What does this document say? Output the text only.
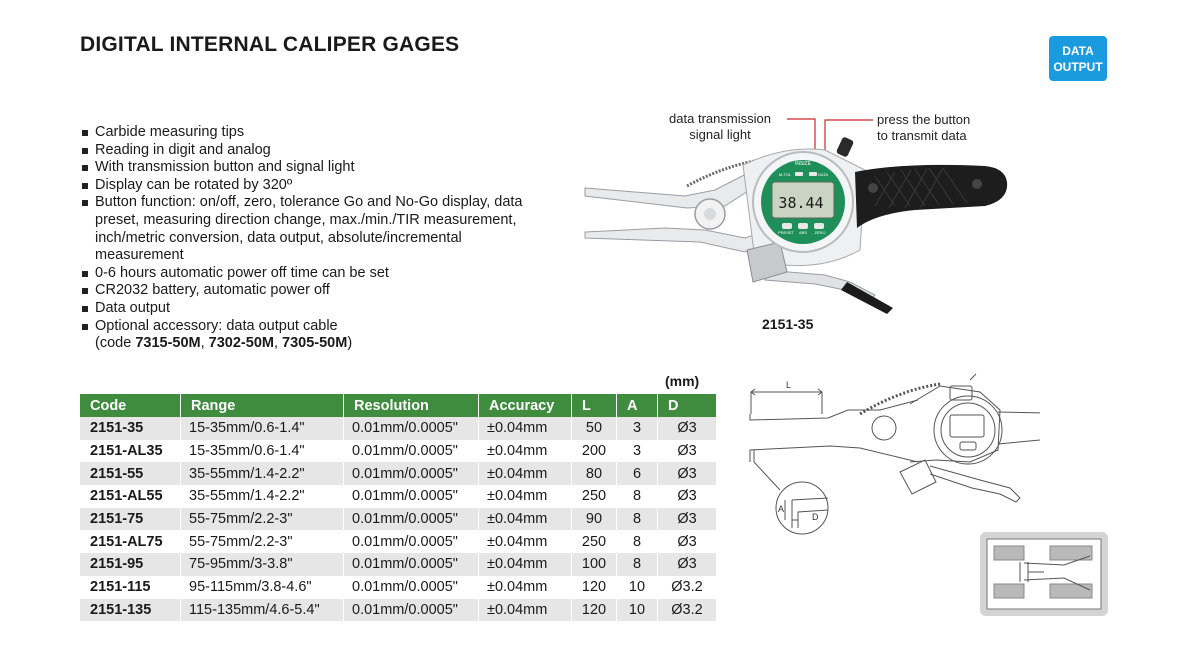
DIGITAL INTERNAL CALIPER GAGES	DATA
OUTPUT
Carbide measuring tips
Reading in digit and analog
With transmission button and signal light
Display can be rotated by 320º
Button function: on/off, zero, tolerance Go and No-Go display, data preset, measuring direction change, max./min./TIR measurement, inch/metric conversion, data output, absolute/incremental measurement
0-6 hours automatic power off time can be set
CR2032 battery, automatic power off
Data output
Optional accessory: data output cable
(code 7315-50M, 7302-50M, 7305-50M)
data transmission
signal light
press the button
to transmit data
INSIZE
M-TOL	DATA
38.44
PRESET ABS ZERO
2151-35
L
A
D
(mm)
Code	Range	Resolution	Accuracy	L	A	D
2151-35	15-35mm/0.6-1.4"	0.01mm/0.0005"	±0.04mm	50	3	Ø3
2151-AL35	15-35mm/0.6-1.4"	0.01mm/0.0005"	±0.04mm	200	3	Ø3
2151-55	35-55mm/1.4-2.2"	0.01mm/0.0005"	±0.04mm	80	6	Ø3
2151-AL55	35-55mm/1.4-2.2"	0.01mm/0.0005"	±0.04mm	250	8	Ø3
2151-75	55-75mm/2.2-3"	0.01mm/0.0005"	±0.04mm	90	8	Ø3
2151-AL75	55-75mm/2.2-3"	0.01mm/0.0005"	±0.04mm	250	8	Ø3
2151-95	75-95mm/3-3.8"	0.01mm/0.0005"	±0.04mm	100	8	Ø3
2151-115	95-115mm/3.8-4.6"	0.01mm/0.0005"	±0.04mm	120	10	Ø3.2
2151-135	115-135mm/4.6-5.4"	0.01mm/0.0005"	±0.04mm	120	10	Ø3.2
